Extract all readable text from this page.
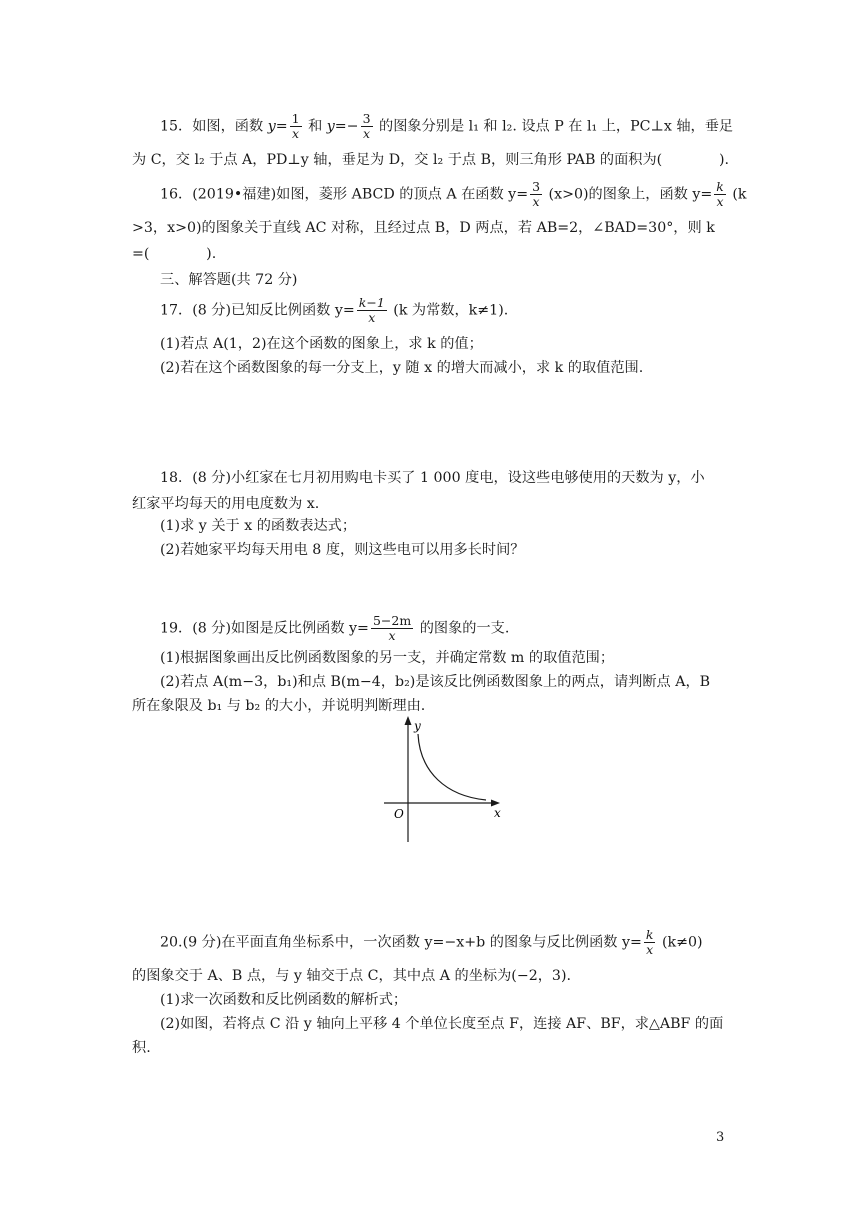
15．如图，函数 $y= \frac{1}{x}$ 和 $y=- \frac{3}{x}$ 的图象分别是 l₁ 和 l₂. 设点 P 在 l₁ 上，PC⊥x 轴，垂足
为 C，交 l₂ 于点 A，PD⊥y 轴，垂足为 D，交 l₂ 于点 B，则三角形 PAB 的面积为(　　　　).
16．(2019•福建)如图，菱形 ABCD 的顶点 A 在函数 $y= \frac{3}{x} (x>0)$的图象上，函数 $y= \frac{k}{x} (k$
>3，x>0)的图象关于直线 AC 对称，且经过点 B，D 两点，若 AB=2，∠BAD=30°，则 k
=(　　　　).
三、解答题(共 72 分)
17．(8 分)已知反比例函数 $y= \frac{k-1}{x} (k$ 为常数，k≠1).
(1)若点 A(1，2)在这个函数的图象上，求 k 的值；
(2)若在这个函数图象的每一分支上，y 随 x 的增大而减小，求 k 的取值范围.
18．(8 分)小红家在七月初用购电卡买了 1 000 度电，设这些电够使用的天数为 y，小
红家平均每天的用电度数为 x.
(1)求 y 关于 x 的函数表达式；
(2)若她家平均每天用电 8 度，则这些电可以用多长时间？
19．(8 分)如图是反比例函数 $y= \frac{5-2m}{x}$ 的图象的一支.
(1)根据图象画出反比例函数图象的另一支，并确定常数 m 的取值范围；
(2)若点 A(m−3，b₁)和点 B(m−4，b₂)是该反比例函数图象上的两点，请判断点 A，B
所在象限及 b₁ 与 b₂ 的大小，并说明判断理由.
y
x
O
20.(9 分)在平面直角坐标系中，一次函数 y=−x+b 的图象与反比例函数 $y= \frac{k}{x} (k\ne 0)$
的图象交于 A、B 点，与 y 轴交于点 C，其中点 A 的坐标为(−2，3).
(1)求一次函数和反比例函数的解析式；
(2)如图，若将点 C 沿 y 轴向上平移 4 个单位长度至点 F，连接 AF、BF，求△ABF 的面
积.
3
